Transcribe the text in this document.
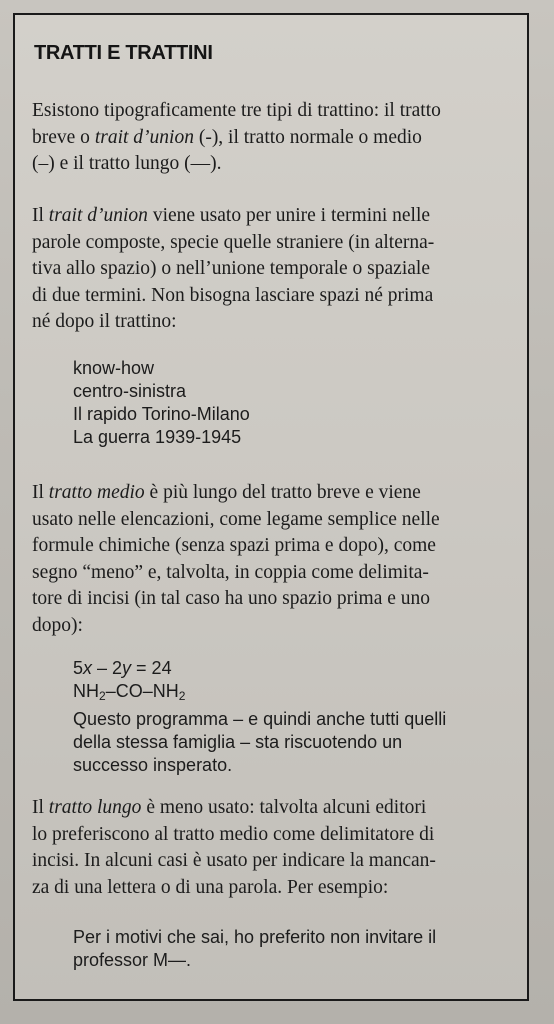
TRATTI E TRATTINI
Esistono tipograficamente tre tipi di trattino: il tratto
breve o trait d’union (-), il tratto normale o medio
(–) e il tratto lungo (—).
Il trait d’union viene usato per unire i termini nelle
parole composte, specie quelle straniere (in alterna-
tiva allo spazio) o nell’unione temporale o spaziale
di due termini. Non bisogna lasciare spazi né prima
né dopo il trattino:
know-how
centro-sinistra
Il rapido Torino-Milano
La guerra 1939-1945
Il tratto medio è più lungo del tratto breve e viene
usato nelle elencazioni, come legame semplice nelle
formule chimiche (senza spazi prima e dopo), come
segno “meno” e, talvolta, in coppia come delimita-
tore di incisi (in tal caso ha uno spazio prima e uno
dopo):
5x – 2y = 24
$NH_2-CO-NH_2$
Questo programma – e quindi anche tutti quelli
della stessa famiglia – sta riscuotendo un
successo insperato.
Il tratto lungo è meno usato: talvolta alcuni editori
lo preferiscono al tratto medio come delimitatore di
incisi. In alcuni casi è usato per indicare la mancan-
za di una lettera o di una parola. Per esempio:
Per i motivi che sai, ho preferito non invitare il
professor M—.
